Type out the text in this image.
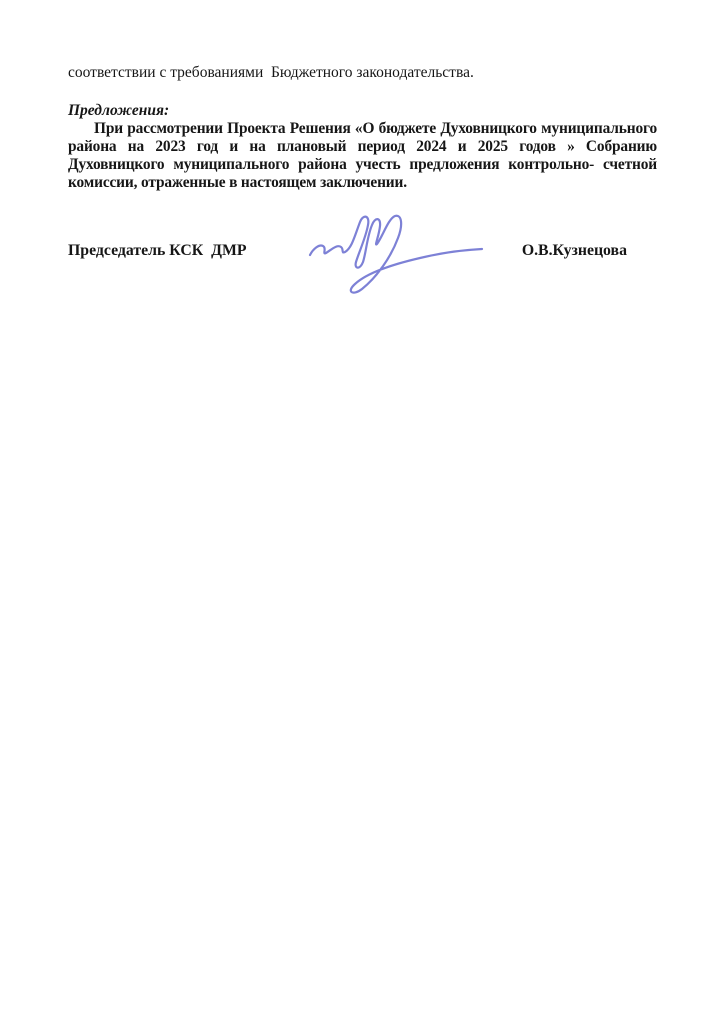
соответствии с требованиями  Бюджетного законодательства.

Предложения:

При рассмотрении Проекта Решения «О бюджете Духовницкого муниципального района на 2023 год и на плановый период 2024 и 2025 годов » Собранию Духовницкого муниципального района учесть предложения контрольно- счетной комиссии, отраженные в настоящем заключении.

Председатель КСК  ДМР	О.В.Кузнецова
